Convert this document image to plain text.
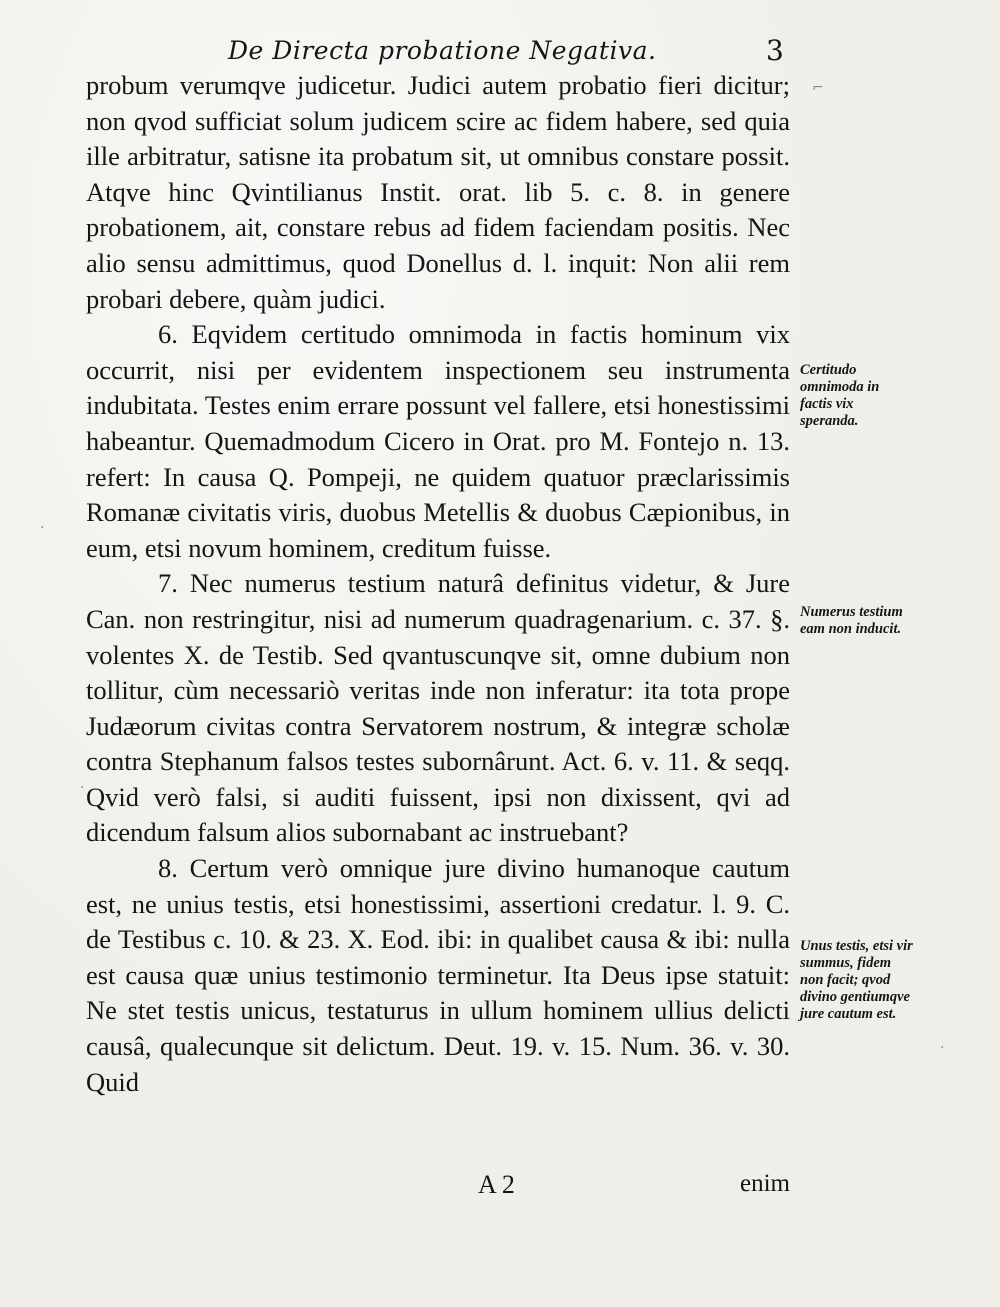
De Directa probatione Negativa.	3

probum verumqve judicetur. Judici autem probatio fieri dicitur; non qvod sufficiat solum judicem scire ac fidem habere, sed quia ille arbitratur, satisne ita probatum sit, ut omnibus constare possit. Atqve hinc Qvintilianus Instit. orat. lib 5. c. 8. in genere probationem, ait, constare rebus ad fidem faciendam positis. Nec alio sensu admittimus, quod Donellus d. l. inquit: Non alii rem probari debere, quàm judici.

6. Eqvidem certitudo omnimoda in factis hominum vix occurrit, nisi per evidentem inspectionem seu instrumenta indubitata. Testes enim errare possunt vel fallere, etsi honestissimi habeantur. Quemadmodum Cicero in Orat. pro M. Fontejo n. 13. refert: In causa Q. Pompeji, ne quidem quatuor præclarissimis Romanæ civitatis viris, duobus Metellis & duobus Cæpionibus, in eum, etsi novum hominem, creditum fuisse.

7. Nec numerus testium naturâ definitus videtur, & Jure Can. non restringitur, nisi ad numerum quadragenarium. c. 37. §. volentes X. de Testib. Sed qvantuscunqve sit, omne dubium non tollitur, cùm necessariò veritas inde non inferatur: ita tota prope Judæorum civitas contra Servatorem nostrum, & integræ scholæ contra Stephanum falsos testes subornârunt. Act. 6. v. 11. & seqq. Qvid verò falsi, si auditi fuissent, ipsi non dixissent, qvi ad dicendum falsum alios subornabant ac instruebant?

8. Certum verò omnique jure divino humanoque cautum est, ne unius testis, etsi honestissimi, assertioni credatur. l. 9. C. de Testibus c. 10. & 23. X. Eod. ibi: in qualibet causa & ibi: nulla est causa quæ unius testimonio terminetur. Ita Deus ipse statuit: Ne stet testis unicus, testaturus in ullum hominem ullius delicti causâ, qualecunque sit delictum. Deut. 19. v. 15. Num. 36. v. 30. Quid

Certitudo omnimoda in factis vix speranda.
Numerus testium eam non inducit.
Unus testis, etsi vir summus, fidem non facit; qvod divino gentiumqve jure cautum est.
A 2	enim
⌐
·
·
·
